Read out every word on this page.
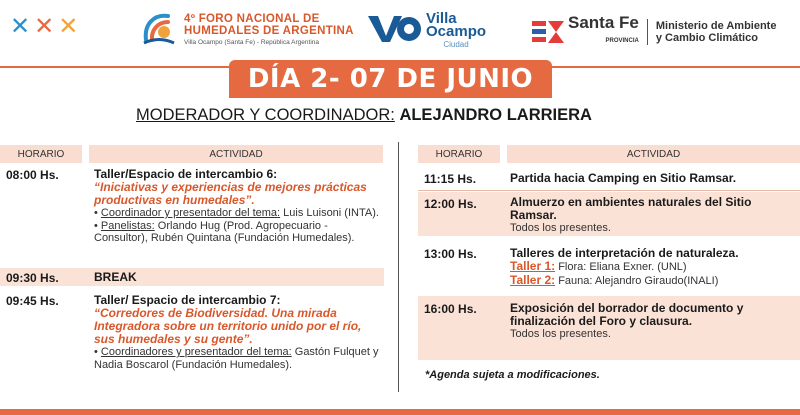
✕ ✕ ✕	4º FORO NACIONAL DE
HUMEDALES DE ARGENTINA
Villa Ocampo (Santa Fe) - República Argentina
Villa
Ocampo
Ciudad
Santa Fe
PROVINCIA
Ministerio de Ambiente
y Cambio Climático
DÍA 2- 07 DE JUNIO
MODERADOR Y COORDINADOR: ALEJANDRO LARRIERA
HORARIO	ACTIVIDAD
08:00 Hs.	Taller/Espacio de intercambio 6:
“Iniciativas y experiencias de mejores prácticas productivas en humedales”.
• Coordinador y presentador del tema: Luis Luisoni (INTA).
• Panelistas: Orlando Hug (Prod. Agropecuario - Consultor), Rubén Quintana (Fundación Humedales).
09:30 Hs.	BREAK
09:45 Hs.	Taller/ Espacio de intercambio 7:
“Corredores de Biodiversidad. Una mirada Integradora sobre un territorio unido por el río, sus humedales y su gente”.
• Coordinadores y presentador del tema: Gastón Fulquet y Nadia Boscarol (Fundación Humedales).
HORARIO	ACTIVIDAD
11:15 Hs.	Partida hacia Camping en Sitio Ramsar.
12:00 Hs.	Almuerzo en ambientes naturales del Sitio Ramsar.
Todos los presentes.
13:00 Hs.	Talleres de interpretación de naturaleza.
Taller 1: Flora: Eliana Exner. (UNL)
Taller 2: Fauna: Alejandro Giraudo(INALI)
16:00 Hs.	Exposición del borrador de documento y finalización del Foro y clausura.
Todos los presentes.
*Agenda sujeta a modificaciones.
